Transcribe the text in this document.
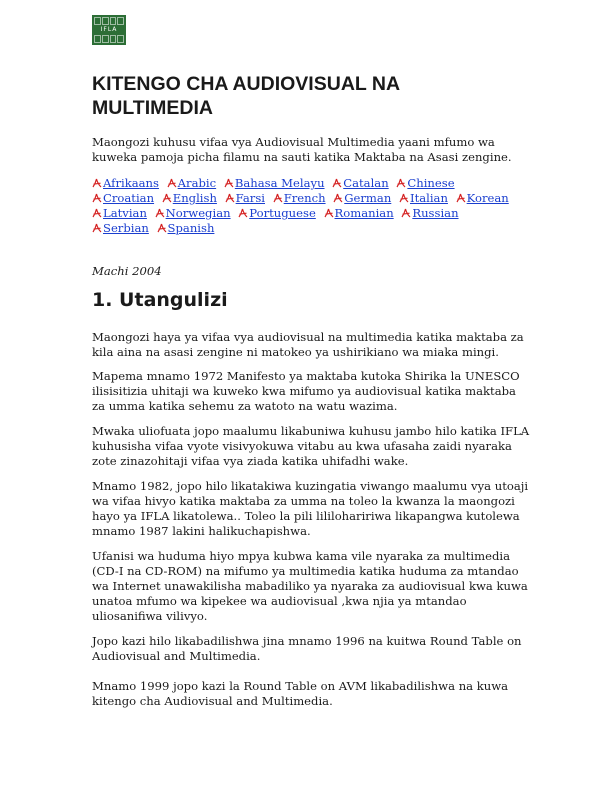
IFLA
KITENGO CHA AUDIOVISUAL NA MULTIMEDIA

Maongozi kuhusu vifaa vya Audiovisual Multimedia yaani mfumo wa kuweka pamoja picha filamu na sauti katika Maktaba na Asasi zengine.

Afrikaans Arabic Bahasa Melayu Catalan Chinese Croatian English Farsi French German Italian Korean Latvian Norwegian Portuguese Romanian Russian Serbian Spanish
Machi 2004
1. Utangulizi

Maongozi haya ya vifaa vya audiovisual na multimedia katika maktaba za kila aina na asasi zengine ni matokeo ya ushirikiano wa miaka mingi.

Mapema mnamo 1972 Manifesto ya maktaba kutoka Shirika la UNESCO ilisisitizia uhitaji wa kuweko kwa mifumo ya audiovisual katika maktaba za umma katika sehemu za watoto na watu wazima.

Mwaka uliofuata jopo maalumu likabuniwa kuhusu jambo hilo katika IFLA kuhusisha vifaa vyote visivyokuwa vitabu au kwa ufasaha zaidi nyaraka zote zinazohitaji vifaa vya ziada katika uhifadhi wake.

Mnamo 1982, jopo hilo likatakiwa kuzingatia viwango maalumu vya utoaji wa vifaa hivyo katika maktaba za umma na toleo la kwanza la maongozi hayo ya IFLA likatolewa.. Toleo la pili lililohaririwa likapangwa kutolewa mnamo 1987 lakini halikuchapishwa.

Ufanisi wa huduma hiyo mpya kubwa kama vile nyaraka za multimedia (CD-I na CD-ROM) na mifumo ya multimedia katika huduma za mtandao wa Internet unawakilisha mabadiliko ya nyaraka za audiovisual kwa kuwa unatoa mfumo wa kipekee wa audiovisual ,kwa njia ya mtandao uliosanifiwa vilivyo.

Jopo kazi hilo likabadilishwa jina mnamo 1996 na kuitwa Round Table on Audiovisual and Multimedia.

Mnamo 1999 jopo kazi la Round Table on AVM likabadilishwa na kuwa kitengo cha Audiovisual and Multimedia.
